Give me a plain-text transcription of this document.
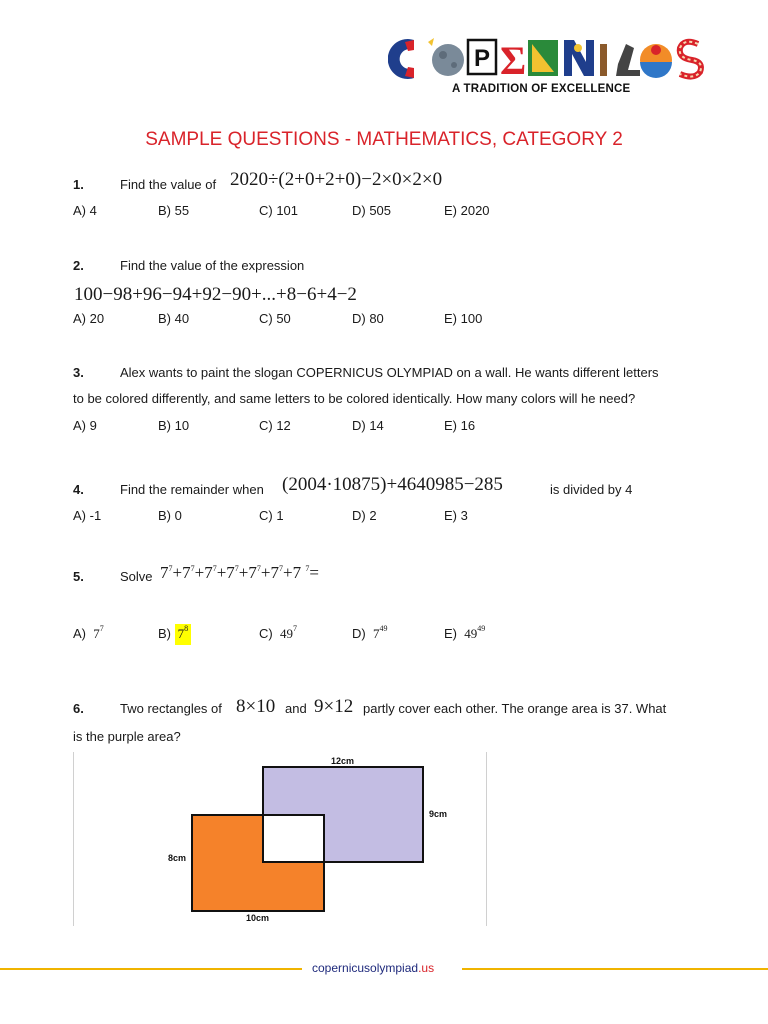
P Σ
A TRADITION OF EXCELLENCE
SAMPLE QUESTIONS - MATHEMATICS, CATEGORY 2
1.	Find the value of 2020÷(2+0+2+0)−2×0×2×0
A) 4	B) 55	C) 101	D) 505	E) 2020
2.	Find the value of the expression
100−98+96−94+92−90+...+8−6+4−2
A) 20	B) 40	C) 50	D) 80	E) 100
3.	Alex wants to paint the slogan COPERNICUS OLYMPIAD on a wall. He wants different letters
to be colored differently, and same letters to be colored identically. How many colors will he need?
A) 9	B) 10	C) 12	D) 14	E) 16
4.	Find the remainder when (2004·10875)+4640985−285	is divided by 4
A) -1	B) 0	C) 1	D) 2	E) 3
5.	Solve $7^7+7^7+7^7+7^7+7^7+7^7+7$ $^7$=
A) $7^7$	B) $7^8$	C) $49^7$	D) $7^{49}$	E) $49^{49}$
6.	Two rectangles of 8×10 and 9×12 partly cover each other. The orange area is 37. What
is the purple area?
12cm
9cm
8cm
10cm
copernicusolympiad.us
